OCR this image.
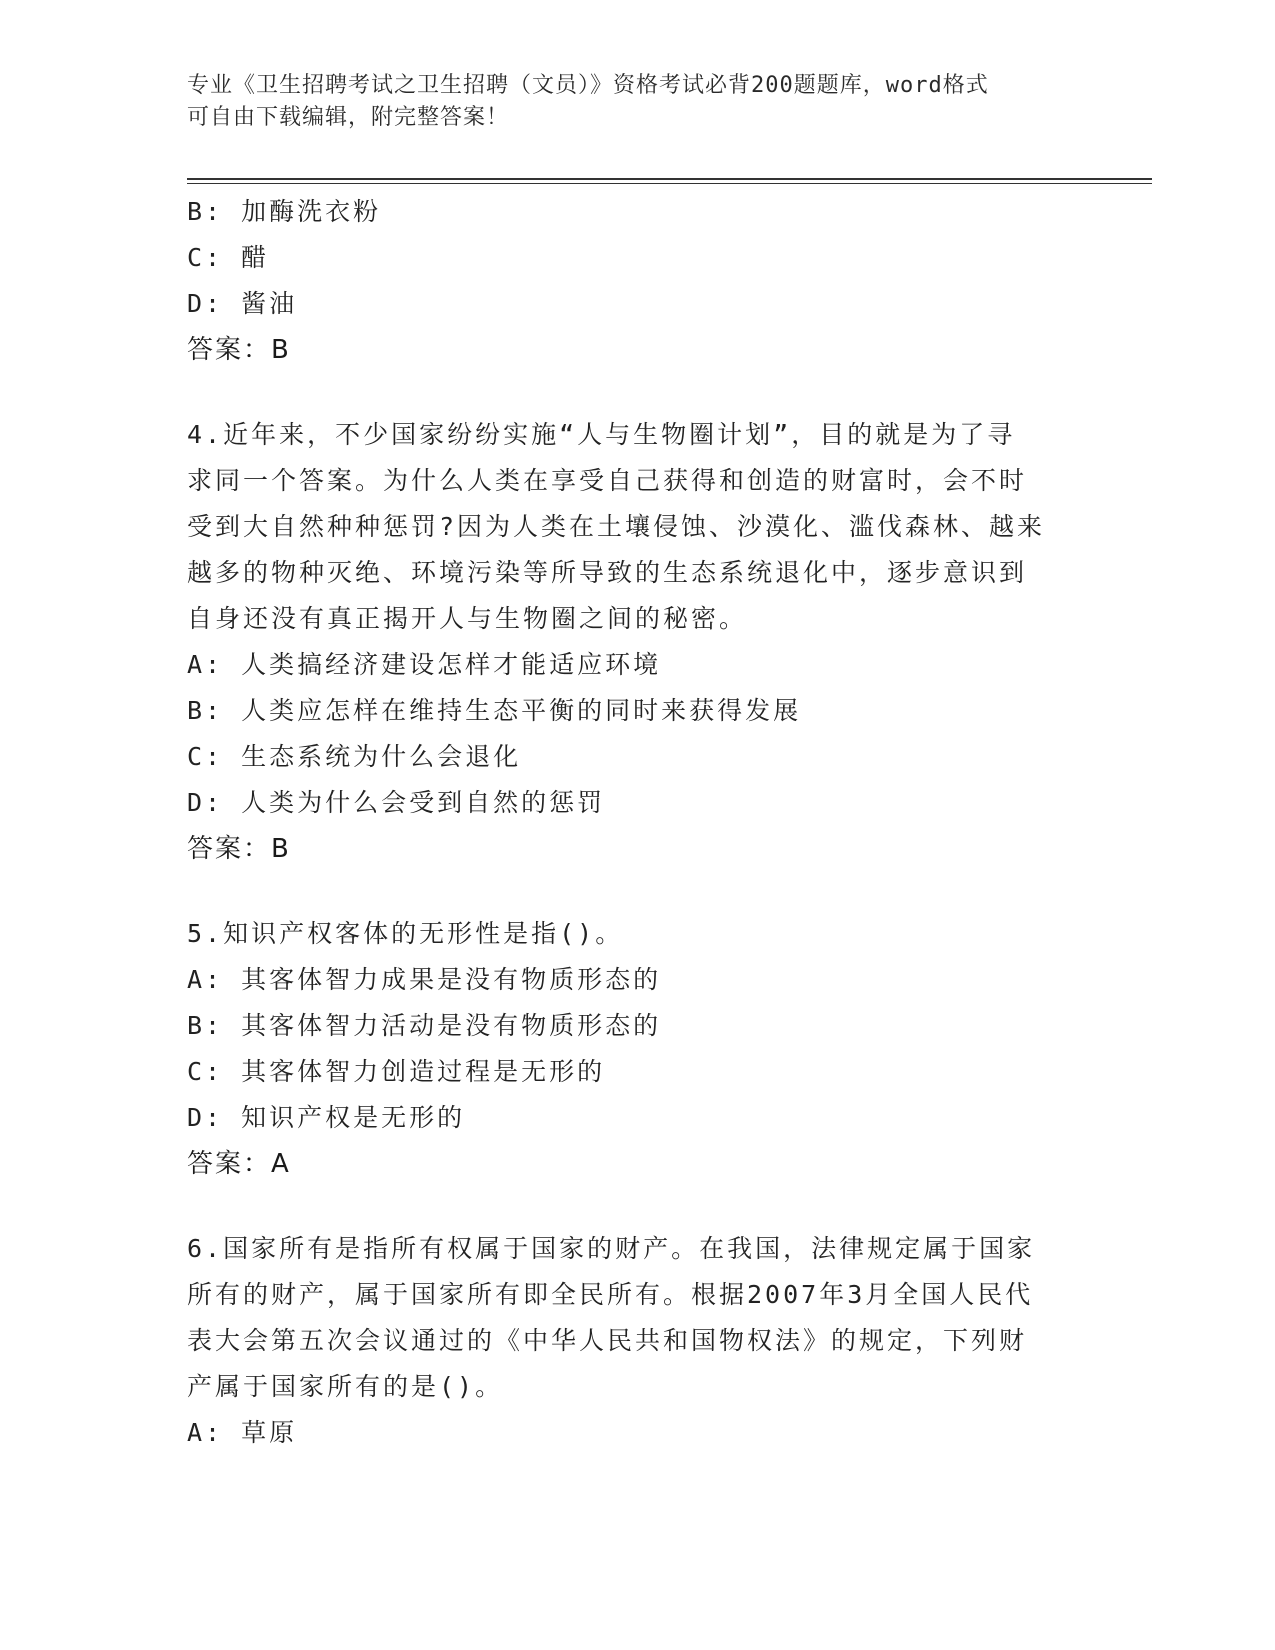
专业《卫生招聘考试之卫生招聘（文员）》资格考试必背200题题库，word格式
可自由下载编辑，附完整答案！
B: 加酶洗衣粉
C: 醋
D: 酱油
答案：B
4.近年来，不少国家纷纷实施“人与生物圈计划”，目的就是为了寻
求同一个答案。为什么人类在享受自己获得和创造的财富时，会不时
受到大自然种种惩罚?因为人类在土壤侵蚀、沙漠化、滥伐森林、越来
越多的物种灭绝、环境污染等所导致的生态系统退化中，逐步意识到
自身还没有真正揭开人与生物圈之间的秘密。
A: 人类搞经济建设怎样才能适应环境
B: 人类应怎样在维持生态平衡的同时来获得发展
C: 生态系统为什么会退化
D: 人类为什么会受到自然的惩罚
答案：B
5.知识产权客体的无形性是指()。
A: 其客体智力成果是没有物质形态的
B: 其客体智力活动是没有物质形态的
C: 其客体智力创造过程是无形的
D: 知识产权是无形的
答案：A
6.国家所有是指所有权属于国家的财产。在我国，法律规定属于国家
所有的财产，属于国家所有即全民所有。根据2007年3月全国人民代
表大会第五次会议通过的《中华人民共和国物权法》的规定，下列财
产属于国家所有的是()。
A: 草原
